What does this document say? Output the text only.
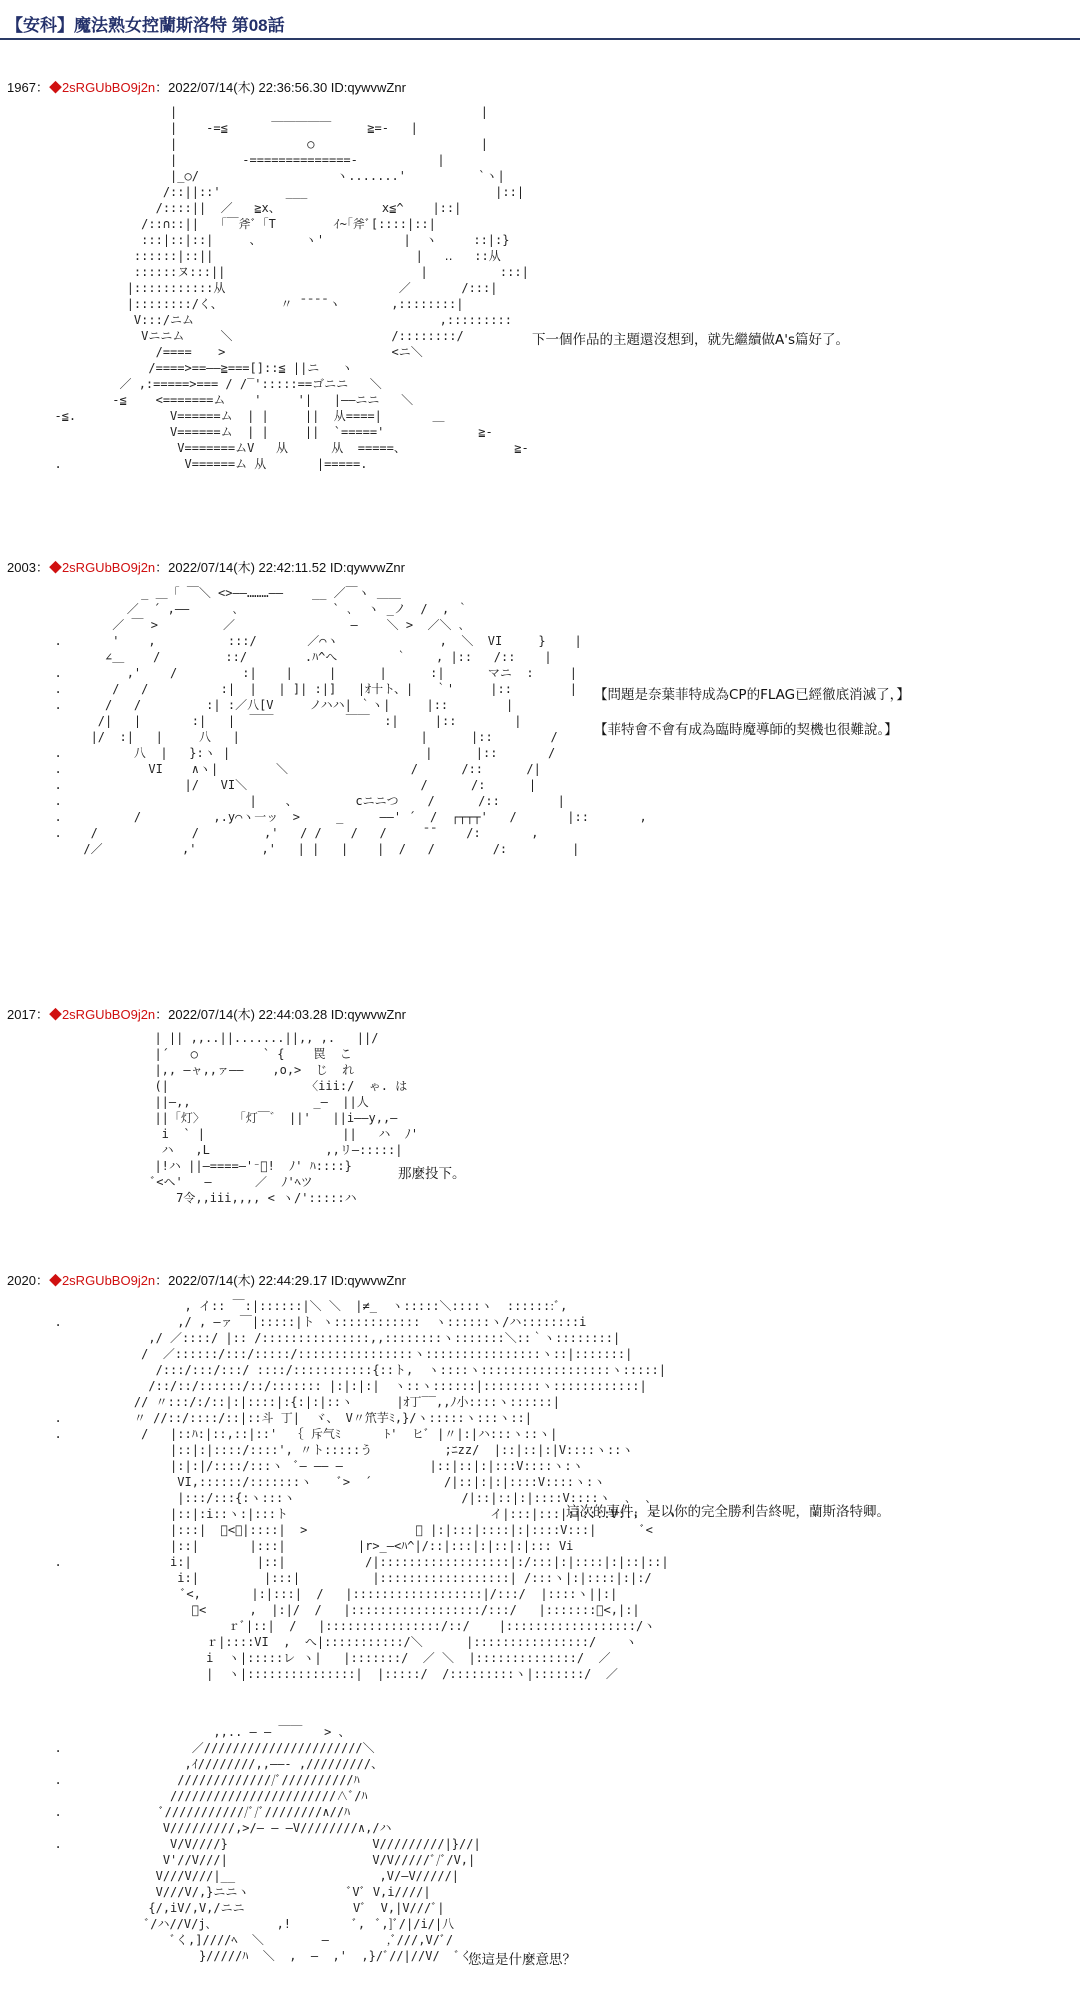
【安科】魔法熟女控蘭斯洛特 第08話
1967：◆2sRGUbBO9j2n：2022/07/14(木) 22:36:56.30 ID:qywvwZnr
|                                          |
|    -=≦      ￣￣￣￣￣     ≧=-   |
|                  ○                       |
|         -==============-           |
|_○/                   ヽ.......'          `ヽ|
/::||::'         ___                          |::|
/::::||  ／   ≧x、              x≦^    |::|
/::∩::||   ｢￣斧ﾞ「T        ｲ~｢斧ﾞ[::::|::|
:::|::|::|     、      ヽ'           |  ヽ     ::|:}
::::::|::||                            |   ‥   ::从
::::::ヌ:::||                           |          :::|
|:::::::::::从                        ／       /:::|
|::::::::/く、        〃 ̄ ̄ ̄ ̄ ヽ       ,::::::::|
V:::/ニム                                  ,:::::::::
Vニニム     ＼                      /::::::::/
/==== 　 >                       <ニ＼
/====>==‒‒≧===[]::≦ ||ニ   ヽ
／ ,:=====>=== / /‾':::::==ゴニニ   ＼
-≦    <=======ム    '     '|   |‒‒ニニ   ＼
-≦.             V======ム  | |     ||  从====|       ＿
V======ム  | |     ||  `====='             ≧-
V=======ムV   从      从  =====、               ≧-
.                 V======ム 从       |=====.

下一個作品的主題還沒想到，就先繼續做A's篇好了。
2003：◆2sRGUbBO9j2n：2022/07/14(木) 22:42:11.52 ID:qywvwZnr
_ ＿「 ￣＼ <>‒‒………‒‒    __ ／￣ヽ ＿＿
／  ´ ,‒‒      ､             ` ､  ヽ _ノ  /  , ｀
／ ￣ >         ／                ‒    ＼ >  ／＼ ､
.       '    ,          :::/       ／⌒ヽ              ,  ＼  VI     }    |
∠＿    /         ::/        .ﾊ^へ        ｀    , |::   /::    |
.         ,'    /         :|    |     |      |      :|      マニ  :     |
.       /   /          :|  |   | ]| :|]   |ｵ十ト、|   ｀'     |::        |
.      /   /         :| :／八[V     ノハハ| ｀ヽ|     |::        |
/|   |       :|   |  ￣￣          ￣￣  :|     |::        |
|/  :|   |     八   |                         |      |::        /
.          八  |   }:ヽ |                           |      |::       /
.            VI    ∧ヽ|        ＼                 /      /::      /|
.                 |/   VI＼                        /      /:      |
.                          |    、        cニニつ    /      /::        |
.          /          ,.y⌒ヽ一ッ  >     _	‒‒' ´  /  ┌┬┬┬'   /       |::       ,
.    /             /         ,'   / /    /   /     ̄ ̄     /:       ,
/／           ,'         ,'   | |   |    |  /   /        /:         |

【問題是奈葉菲特成為CP的FLAG已經徹底消滅了，】
【菲特會不會有成為臨時魔導師的契機也很難說。】
2017：◆2sRGUbBO9j2n：2022/07/14(木) 22:44:03.28 ID:qywvwZnr
| || ,,..||.......||,, ,.   ||/
|´   ○         ` {    罠  こ
|,, ‒ャ,,ァ‒‒    ,o,>  じ  れ
(|                   〈iii:/  ゃ. は
||‒,,                 _‒  ||人
||「灯〉    「灯￣゛ ||'   ||i‒‒y,,‒
i  ` |                   ||   ハ  ﾉ'
ハ   ,L                ,,リ‒:::::|
|!ハ ||‒====‒'⁻ﾞ!  ﾉ' ﾊ::::}
ﾞ<ヘ'   ‒      ／  ﾉ'ﾍツ
7令,,iii,,,, < ヽ/':::::ハ

那麼投下。
2020：◆2sRGUbBO9j2n：2022/07/14(木) 22:44:29.17 ID:qywvwZnr
, イ:: ￣:|::::::|＼ ＼  |≠_  ヽ:::::＼::::ヽ  :::::::ﾞ,
.                ,/ , ‒ァ ￣|:::::|ト ヽ::::::::::::  ヽ::::::ヽ/ハ::::::::i
,/ ／::::/ |:: /:::::::::::::::,,::::::::ヽ:::::::＼::｀ヽ::::::::|
/  ／::::::/:::/:::::/::::::::::::::::ヽ::::::::::::::::ヽ::|:::::::|
/:::/:::/:::/ ::::/:::::::::::{::ト,  ヽ::::ヽ::::::::::::::::::ヽ:::::|
/::/::/::::::/::/::::::: |:|:|:|  ヽ::ヽ::::::|::::::::ヽ::::::::::::|
// 〃:::/:/::|:|::::|:{:|:|::ヽ      |ｵ丁‾‾,,ﾉ小::::ヽ::::::|
.          〃 //::/::::/::|::斗 丁|  ヾ、 V〃笊芋ﾐ,}/ヽ:::::ヽ:::ヽ::|
.           /   |::ﾊ:|::,::|::'  ｛ 斥气ﾐ      ﾄ'  ヒﾞ |〃|:|ハ:::ヽ::ヽ|
|::|:|::::/::::', 〃ト:::::う          ;ﾆzz/  |::|::|:|V::::ヽ::ヽ
|:|:|/::::/:::ヽ  ﾞ‒ ‒‒ ‒            |::|::|:|:::V::::ヽ:ヽ
VI,::::::/:::::::ヽ    ﾞ>  ´          /|::|:|:|::::V::::ヽ:ヽ
|:::/:::{:ヽ:::ヽ                       /|::|::|:|::::V::::ヽ  ､  ､
|::|:i::ヽ:|:::ト                            イ|:::|:::|:|::::V::: ヽ ヽ
|:::|  ﾞ<、|::::|  >               ／ |:|:::|::::|:|::::V:::|      ﾞ<
|::|       |:::|          |r>_‒<ﾊ^|/::|:::|:|::|:|::: Vi
.               i:|         |::|           /|::::::::::::::::::|:/:::|:|::::|:|::|::|
i:|         |:::|          |::::::::::::::::::| /:::ヽ|:|::::|:|:/
ﾞ<,       |:|:::|  /   |::::::::::::::::::|/:::/  |::::ヽ||:|
ﾞ<      ,  |:|/  /   |::::::::::::::::::/:::/   |:::::::ﾞ<,|:|
ｒﾞ|::|  /   |::::::::::::::::/::/    |::::::::::::::::::/ヽ
ｒ|::::VI  ,  へ|:::::::::::/＼      |::::::::::::::::/    ヽ
i  ヽ|:::::レ ヽ|   |:::::::/  ／ ＼  |::::::::::::::/  ／
|  ヽ|:::::::::::::::|  |:::::/  /:::::::::ヽ|:::::::/  ／

這次的事件，是以你的完全勝利告終呢，蘭斯洛特卿。
,,.. ‒ ‒ ￣￣   > 、
.                  ／//////////////////////＼
,ｲ////////,,‒‒- ,/////////、
.                //////////////ﾞ//////////ﾊ
///////////////////////∧ﾞ/ﾊ
.              ﾞ////////////ﾞ/ﾞ////////∧//ﾊ
V/////////,>/‒ ‒ ‒V////////∧,/ハ
.               V/V////}                    V/////////|}//|
V'//V///|                    V/V/////ﾞ/ﾞ/V,|
V///V///|__                    ,V/‒V/////|
V///V/,}ニニヽ              ﾞVﾞ V,i////|
{/,iV/,V,/ニニ               Vﾞ  V,|V///ﾞ|
ﾞ/ハ//V/j､         ,!         ﾞ,  ﾞ,]ﾞ/|/i/|八
ﾞく,]////ﾍ  ＼        ‒        ,ﾞ///,V/ﾞ/
}/////ﾊ  ＼  ,  ‒  ,'  ,}/ﾞ//|//V/  ﾞく

您這是什麼意思？
